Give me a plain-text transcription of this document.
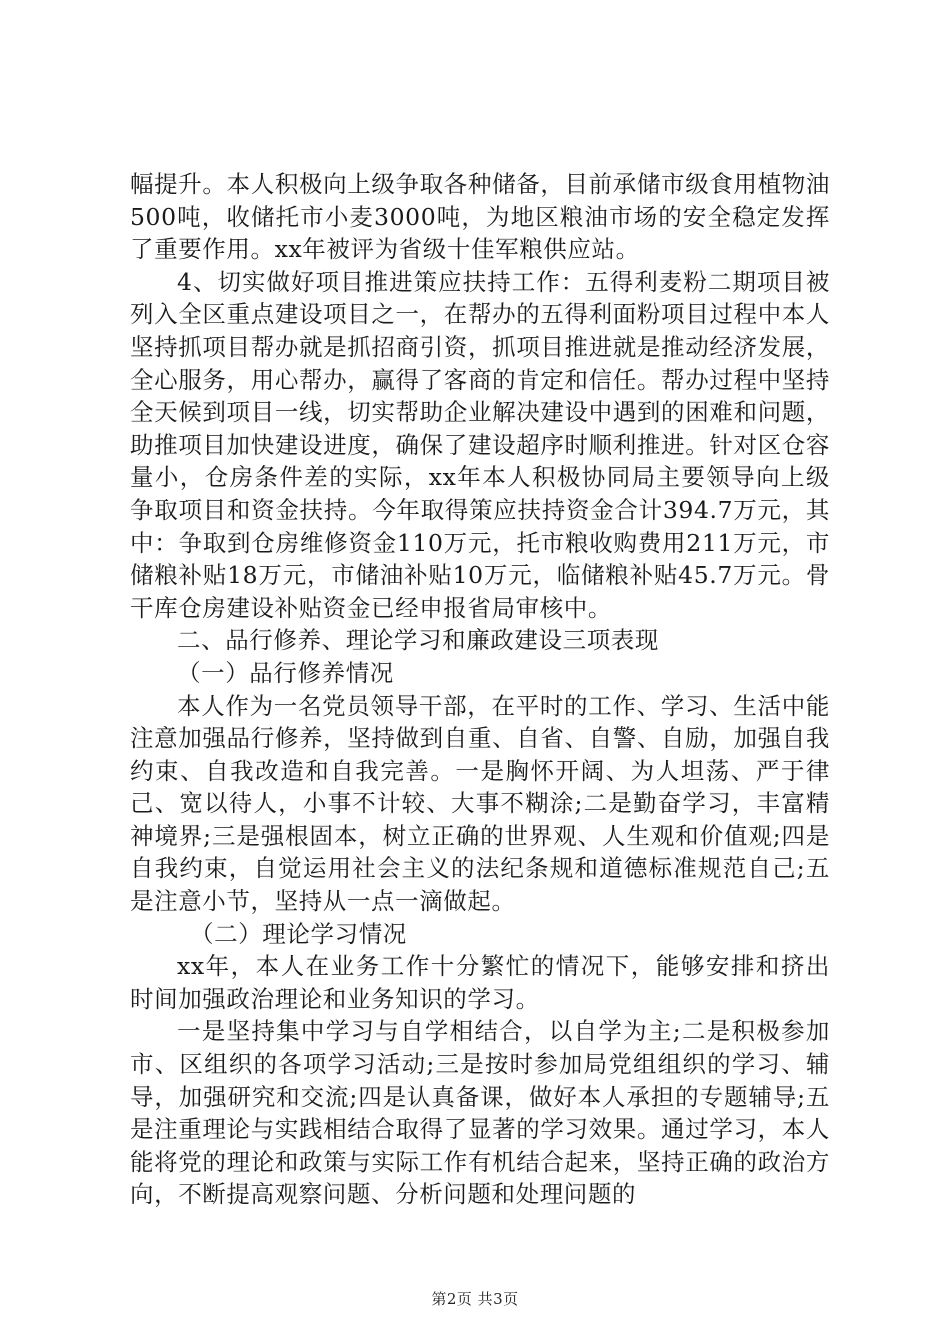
幅提升。本人积极向上级争取各种储备，目前承储市级食用植物油500吨，收储托市小麦3000吨，为地区粮油市场的安全稳定发挥了重要作用。xx年被评为省级十佳军粮供应站。

4、切实做好项目推进策应扶持工作：五得利麦粉二期项目被列入全区重点建设项目之一，在帮办的五得利面粉项目过程中本人坚持抓项目帮办就是抓招商引资，抓项目推进就是推动经济发展，全心服务，用心帮办，赢得了客商的肯定和信任。帮办过程中坚持全天候到项目一线，切实帮助企业解决建设中遇到的困难和问题，助推项目加快建设进度，确保了建设超序时顺利推进。针对区仓容量小，仓房条件差的实际，xx年本人积极协同局主要领导向上级争取项目和资金扶持。今年取得策应扶持资金合计394.7万元，其中：争取到仓房维修资金110万元，托市粮收购费用211万元，市储粮补贴18万元，市储油补贴10万元，临储粮补贴45.7万元。骨干库仓房建设补贴资金已经申报省局审核中。

二、品行修养、理论学习和廉政建设三项表现

（一）品行修养情况

本人作为一名党员领导干部，在平时的工作、学习、生活中能注意加强品行修养，坚持做到自重、自省、自警、自励，加强自我约束、自我改造和自我完善。一是胸怀开阔、为人坦荡、严于律己、宽以待人，小事不计较、大事不糊涂;二是勤奋学习，丰富精神境界;三是强根固本，树立正确的世界观、人生观和价值观;四是自我约束，自觉运用社会主义的法纪条规和道德标准规范自己;五是注意小节，坚持从一点一滴做起。

（二）理论学习情况

xx年，本人在业务工作十分繁忙的情况下，能够安排和挤出时间加强政治理论和业务知识的学习。

一是坚持集中学习与自学相结合，以自学为主;二是积极参加市、区组织的各项学习活动;三是按时参加局党组组织的学习、辅导，加强研究和交流;四是认真备课，做好本人承担的专题辅导;五是注重理论与实践相结合取得了显著的学习效果。通过学习，本人能将党的理论和政策与实际工作有机结合起来，坚持正确的政治方向，不断提高观察问题、分析问题和处理问题的

第2页 共3页
